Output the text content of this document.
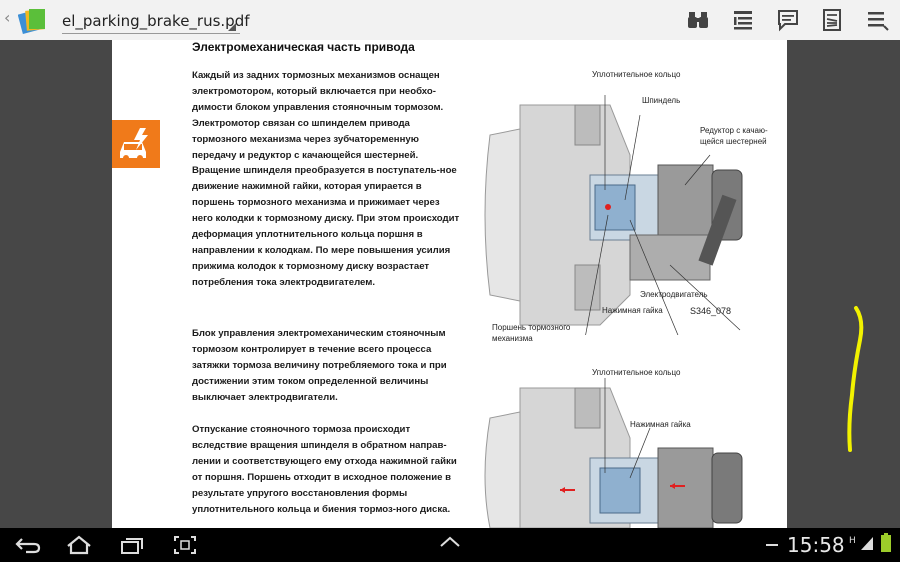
‹	el_parking_brake_rus.pdf
Электромеханическая часть привода

Каждый из задних тормозных механизмов оснащен электромотором, который включается при необхо-димости блоком управления стояночным тормозом. Электромотор связан со шпинделем привода тормозного механизма через зубчатоременную передачу и редуктор с качающейся шестерней. Вращение шпинделя преобразуется в поступатель-ное движение нажимной гайки, которая упирается в поршень тормозного механизма и прижимает через него колодки к тормозному диску. При этом происходит деформация уплотнительного кольца поршня в направлении к колодкам. По мере повышения усилия прижима колодок к тормозному диску возрастает потребления тока электродвигателем.

Блок управления электромеханическим стояночным тормозом контролирует в течение всего процесса затяжки тормоза величину потребляемого тока и при достижении этим током определенной величины выключает электродвигатели.

Отпускание стояночного тормоза происходит вследствие вращения шпинделя в обратном направ-лении и соответствующего ему отхода нажимной гайки от поршня. Поршень отходит в исходное положение в результате упругого восстановления формы уплотнительного кольца и биения тормоз-ного диска.

Уплотнительное кольцо
Шпиндель
Редуктор с качаю-щейся шестерней
Электродвигатель
Нажимная гайка
Поршень тормозного механизма
S346_078
Уплотнительное кольцо
Нажимная гайка
15:58 H
